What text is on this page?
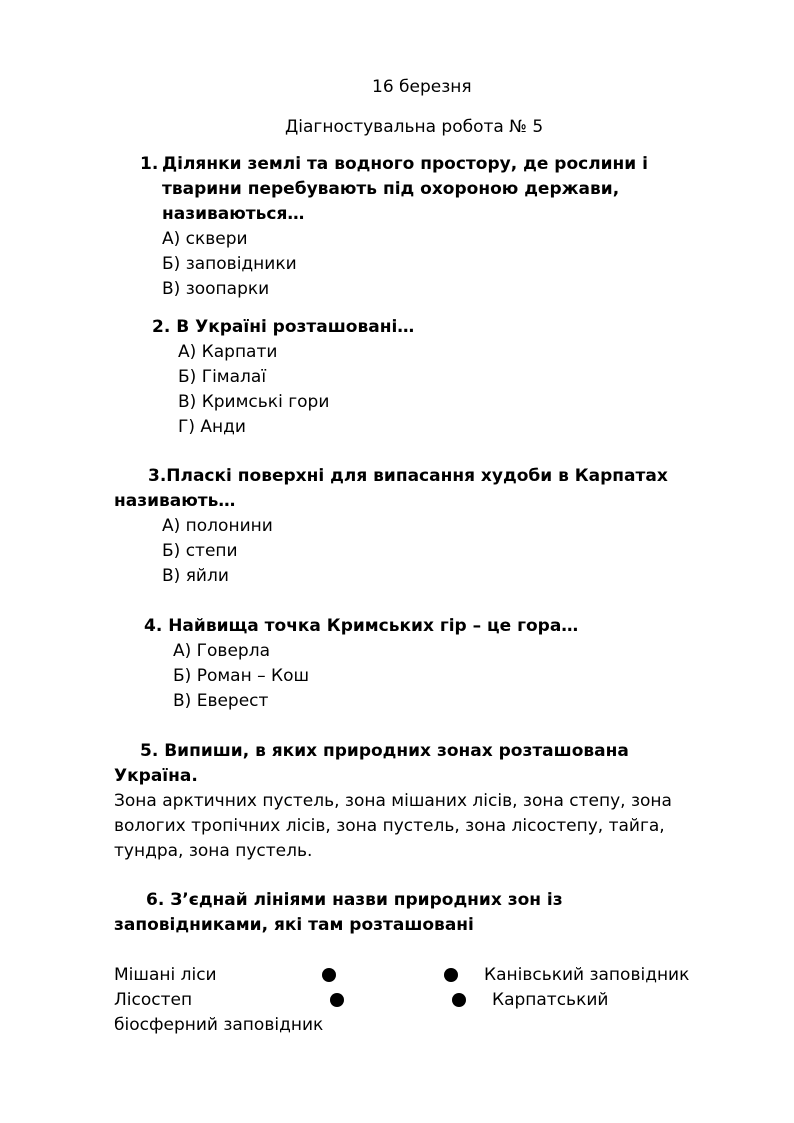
16 березня

Діагностувальна робота № 5

1. Ділянки землі та водного простору, де рослини і

тварини перебувають під охороною держави,

називаються…

А) сквери

Б) заповідники

В) зоопарки

2. В Україні розташовані…

А) Карпати

Б) Гімалаї

В) Кримські гори

Г) Анди

3.Пласкі поверхні для випасання худоби в Карпатах

називають…

А) полонини

Б) степи

В) яйли

4. Найвища точка Кримських гір – це гора…

А) Говерла

Б) Роман – Кош

В) Еверест

5. Випиши, в яких природних зонах розташована

Україна.

Зона арктичних пустель, зона мішаних лісів, зона степу, зона

вологих тропічних лісів, зона пустель, зона лісостепу, тайга,

тундра, зона пустель.

6. З’єднай лініями назви природних зон із

заповідниками, які там розташовані

Мішані ліси	Канівський заповідник

Лісостеп	Карпатський

біосферний заповідник
